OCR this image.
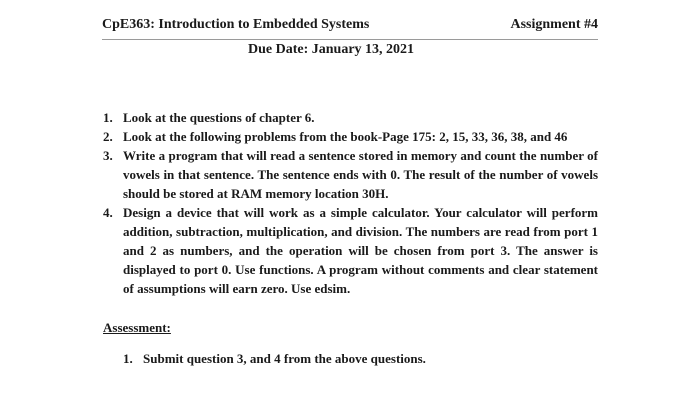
CpE363: Introduction to Embedded Systems	Assignment #4
Due Date: January 13, 2021
1. Look at the questions of chapter 6.
2. Look at the following problems from the book-Page 175: 2, 15, 33, 36, 38, and 46
3. Write a program that will read a sentence stored in memory and count the number of vowels in that sentence. The sentence ends with 0. The result of the number of vowels should be stored at RAM memory location 30H.
4. Design a device that will work as a simple calculator. Your calculator will perform addition, subtraction, multiplication, and division. The numbers are read from port 1 and 2 as numbers, and the operation will be chosen from port 3. The answer is displayed to port 0. Use functions. A program without comments and clear statement of assumptions will earn zero. Use edsim.
Assessment:
1. Submit question 3, and 4 from the above questions.
